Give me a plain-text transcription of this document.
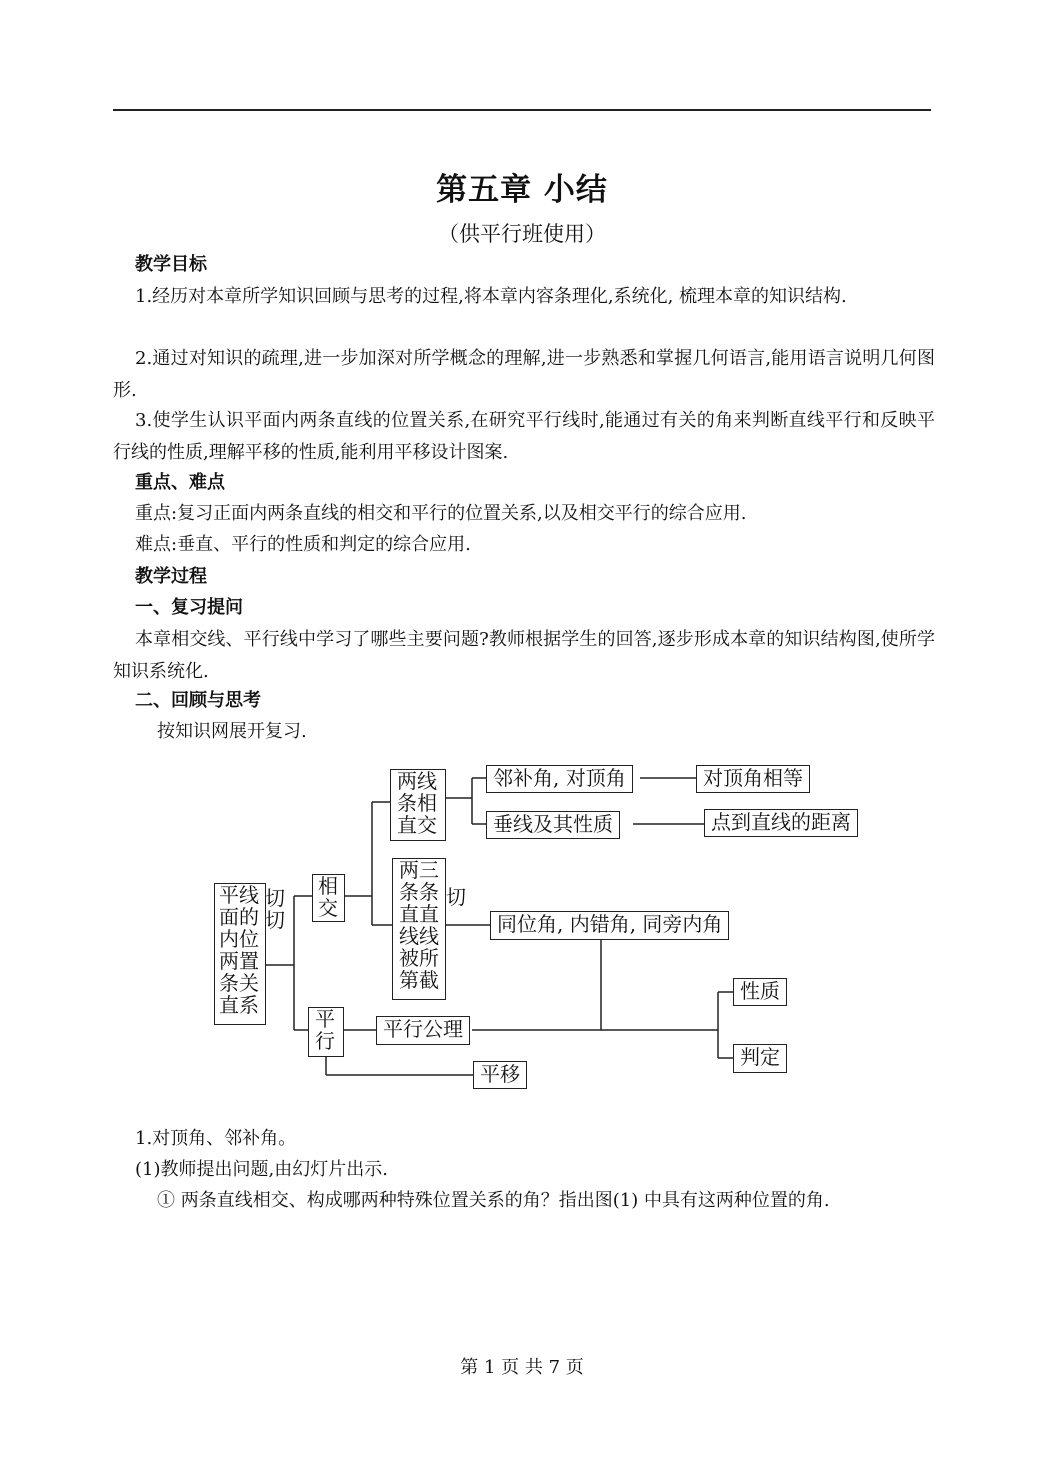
第五章 小结
（供平行班使用）
教学目标
1.经历对本章所学知识回顾与思考的过程,将本章内容条理化,系统化, 梳理本章的知识结构.
2.通过对知识的疏理,进一步加深对所学概念的理解,进一步熟悉和掌握几何语言,能用语言说明几何图形.
3.使学生认识平面内两条直线的位置关系,在研究平行线时,能通过有关的角来判断直线平行和反映平行线的性质,理解平移的性质,能利用平移设计图案.
重点、难点
重点:复习正面内两条直线的相交和平行的位置关系,以及相交平行的综合应用.
难点:垂直、平行的性质和判定的综合应用.
教学过程
一、复习提问
本章相交线、平行线中学习了哪些主要问题?教师根据学生的回答,逐步形成本章的知识结构图,使所学知识系统化.
二、回顾与思考
按知识网展开复习.
平线
面的
内位
两置
条关
直系
切
切
相
交
平
行
两线
条相
直交
两三
条条
直直
线线
被所
第截
切
邻补角, 对顶角	对顶角相等
垂线及其性质	点到直线的距离
同位角, 内错角, 同旁内角
平行公理
平移
性质
判定
1.对顶角、邻补角。
(1)教师提出问题,由幻灯片出示.
① 两条直线相交、构成哪两种特殊位置关系的角？指出图(1) 中具有这两种位置的角.
第 1 页 共 7 页
